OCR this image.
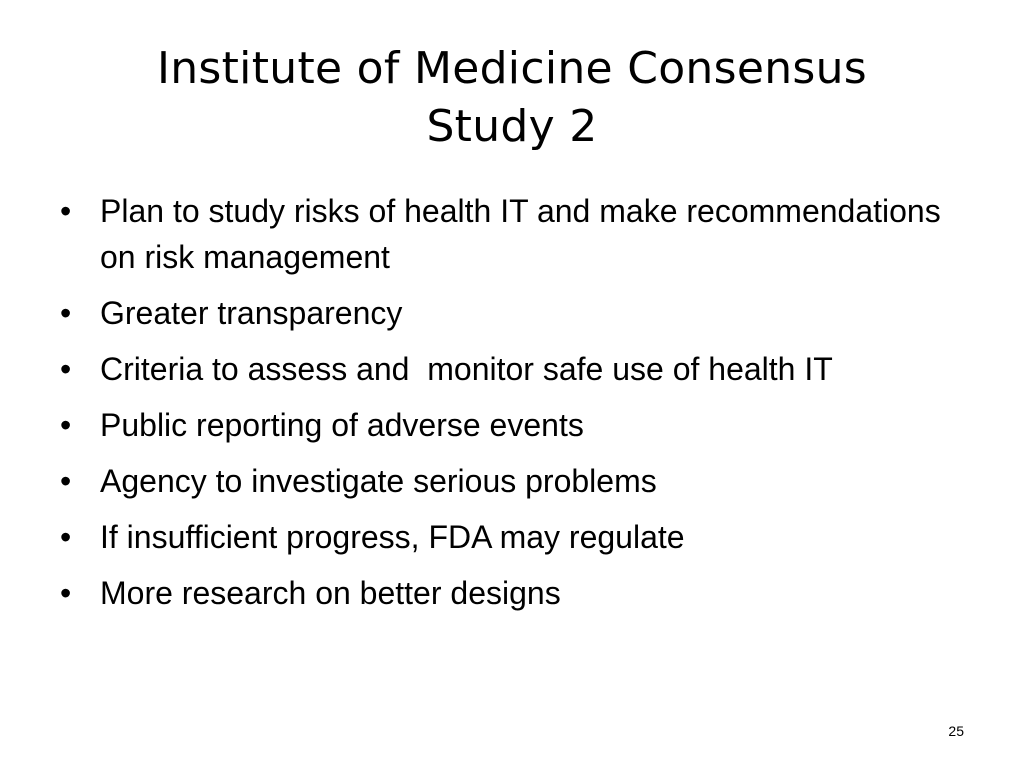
Institute of Medicine Consensus
Study 2
• Plan to study risks of health IT and make recommendations on risk management
• Greater transparency
• Criteria to assess and  monitor safe use of health IT
• Public reporting of adverse events
• Agency to investigate serious problems
• If insufficient progress, FDA may regulate
• More research on better designs
25
